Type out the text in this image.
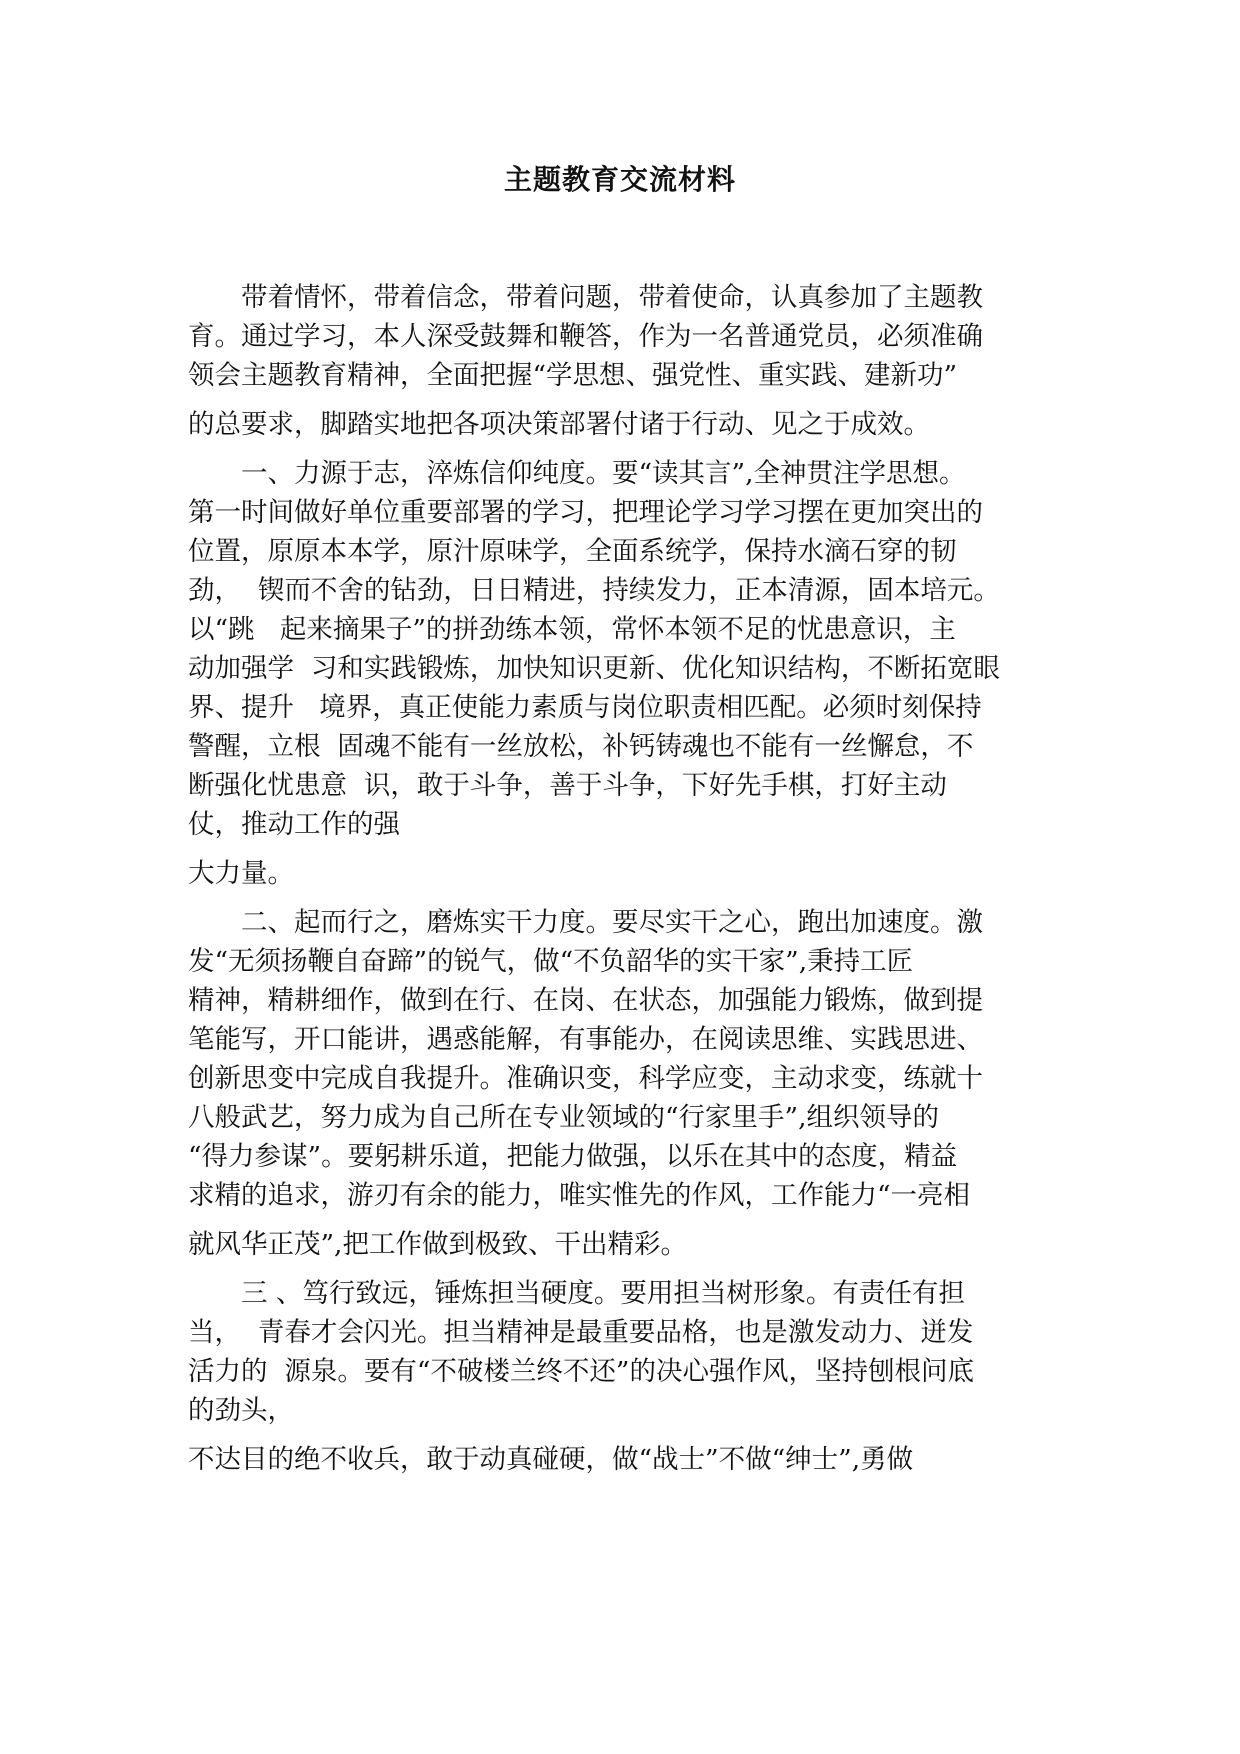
主题教育交流材料
　　带着情怀，带着信念，带着问题，带着使命，认真参加了主题教
育。通过学习，本人深受鼓舞和鞭答，作为一名普通党员，必须准确
领会主题教育精神，全面把握“学思想、强党性、重实践、建新功”
的总要求，脚踏实地把各项决策部署付诸于行动、见之于成效。
　　一、力源于志，淬炼信仰纯度。要“读其言”,全神贯注学思想。
第一时间做好单位重要部署的学习，把理论学习学习摆在更加突出的
位置，原原本本学，原汁原味学，全面系统学，保持水滴石穿的韧
劲，  锲而不舍的钻劲，日日精进，持续发力，正本清源，固本培元。
以“跳   起来摘果子”的拼劲练本领，常怀本领不足的忧患意识，主
动加强学  习和实践锻炼，加快知识更新、优化知识结构，不断拓宽眼
界、提升   境界，真正使能力素质与岗位职责相匹配。必须时刻保持
警醒，立根  固魂不能有一丝放松，补钙铸魂也不能有一丝懈怠，不
断强化忧患意  识，敢于斗争，善于斗争，下好先手棋，打好主动
仗，推动工作的强
大力量。
　　二、起而行之，磨炼实干力度。要尽实干之心，跑出加速度。激
发“无须扬鞭自奋蹄”的锐气，做“不负韶华的实干家”,秉持工匠
精神，精耕细作，做到在行、在岗、在状态，加强能力锻炼，做到提
笔能写，开口能讲，遇惑能解，有事能办，在阅读思维、实践思进、
创新思变中完成自我提升。准确识变，科学应变，主动求变，练就十
八般武艺，努力成为自己所在专业领域的“行家里手”,组织领导的
“得力参谋”。要躬耕乐道，把能力做强，以乐在其中的态度，精益
求精的追求，游刃有余的能力，唯实惟先的作风，工作能力“一亮相
就风华正茂”,把工作做到极致、干出精彩。
　　三 、笃行致远，锤炼担当硬度。要用担当树形象。有责任有担
当，  青春才会闪光。担当精神是最重要品格，也是激发动力、迸发
活力的  源泉。要有“不破楼兰终不还”的决心强作风，坚持刨根问底
的劲头，
不达目的绝不收兵，敢于动真碰硬，做“战士”不做“绅士”,勇做
